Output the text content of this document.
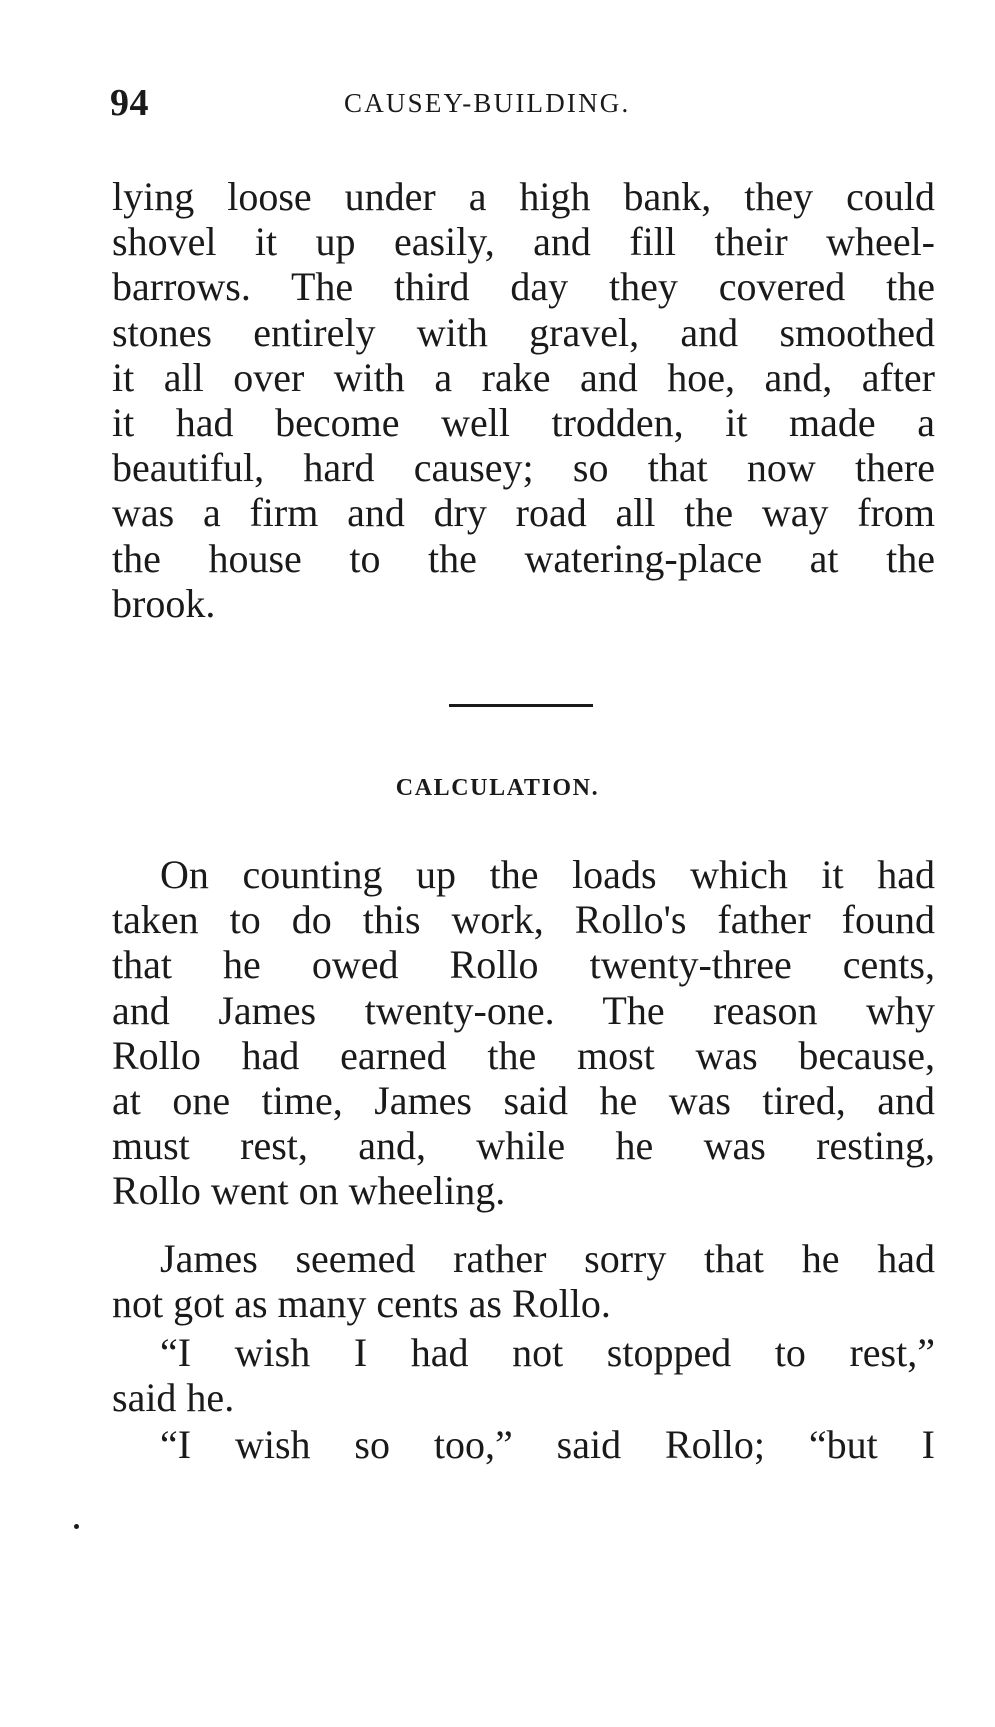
94	CAUSEY-BUILDING.
lying loose under a high bank, they could
shovel it up easily, and fill their wheel-
barrows. The third day they covered the
stones entirely with gravel, and smoothed
it all over with a rake and hoe, and, after
it had become well trodden, it made a
beautiful, hard causey; so that now there
was a firm and dry road all the way from
the house to the watering-place at the
brook.
CALCULATION.
On counting up the loads which it had
taken to do this work, Rollo's father found
that he owed Rollo twenty-three cents,
and James twenty-one. The reason why
Rollo had earned the most was because,
at one time, James said he was tired, and
must rest, and, while he was resting,
Rollo went on wheeling.
James seemed rather sorry that he had
not got as many cents as Rollo.
“I wish I had not stopped to rest,”
said he.
“I wish so too,” said Rollo; “but I
